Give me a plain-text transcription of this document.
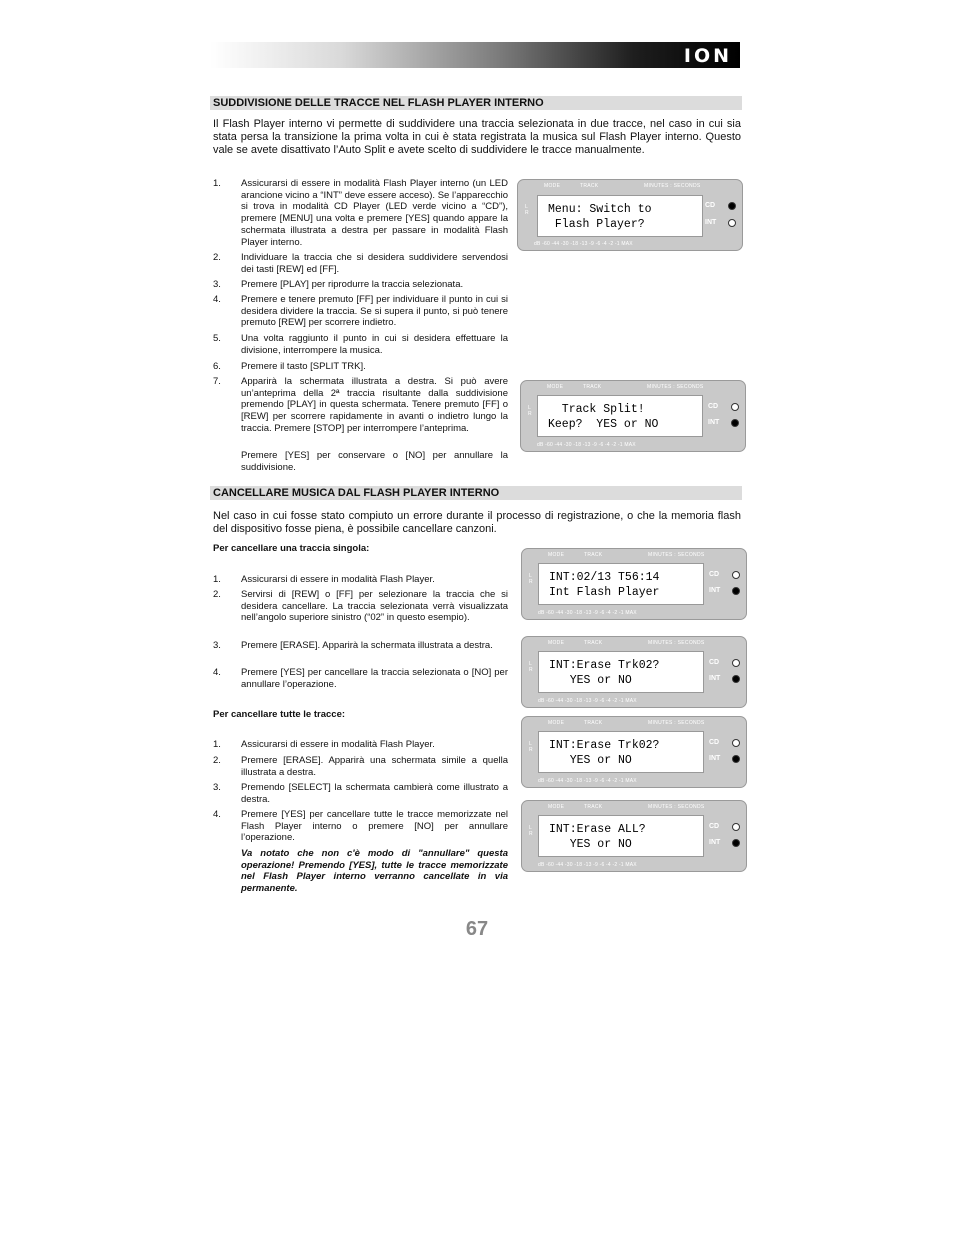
ION
SUDDIVISIONE DELLE TRACCE NEL FLASH PLAYER INTERNO

Il Flash Player interno vi permette di suddividere una traccia selezionata in due tracce, nel caso in cui sia stata persa la transizione la prima volta in cui è stata registrata la musica sul Flash Player interno. Questo vale se avete disattivato l’Auto Split e avete scelto di suddividere le tracce manualmente.

1. Assicurarsi di essere in modalità Flash Player interno (un LED arancione vicino a “INT” deve essere acceso). Se l’apparecchio si trova in modalità CD Player (LED verde vicino a “CD”), premere [MENU] una volta e premere [YES] quando appare la schermata illustrata a destra per passare in modalità Flash Player interno.
2. Individuare la traccia che si desidera suddividere servendosi dei tasti [REW] ed [FF].
3. Premere [PLAY] per riprodurre la traccia selezionata.
4. Premere e tenere premuto [FF] per individuare il punto in cui si desidera dividere la traccia. Se si supera il punto, si può tenere premuto [REW] per scorrere indietro.
5. Una volta raggiunto il punto in cui si desidera effettuare la divisione, interrompere la musica.
6. Premere il tasto [SPLIT TRK].
7. Apparirà la schermata illustrata a destra. Si può avere un’anteprima della 2ª traccia risultante dalla suddivisione premendo [PLAY] in questa schermata. Tenere premuto [FF] o [REW] per scorrere rapidamente in avanti o indietro lungo la traccia. Premere [STOP] per interrompere l’anteprima.
Premere [YES] per conservare o [NO] per annullare la suddivisione.
MODE	TRACK	MINUTES : SECONDS
L R	Menu: Switch to
Flash Player?
CD
INT
dB -60 -44 -30 -18 -13 -9 -6 -4 -2 -1 MAX
MODE	TRACK	MINUTES : SECONDS
L R	Track Split!
Keep?  YES or NO
CD
INT
dB -60 -44 -30 -18 -13 -9 -6 -4 -2 -1 MAX
CANCELLARE MUSICA DAL FLASH PLAYER INTERNO

Nel caso in cui fosse stato compiuto un errore durante il processo di registrazione, o che la memoria flash del dispositivo fosse piena, è possibile cancellare canzoni.

Per cancellare una traccia singola:
1. Assicurarsi di essere in modalità Flash Player.
2. Servirsi di [REW] o [FF] per selezionare la traccia che si desidera cancellare. La traccia selezionata verrà visualizzata nell’angolo superiore sinistro (“02” in questo esempio).
3. Premere [ERASE]. Apparirà la schermata illustrata a destra.
4. Premere [YES] per cancellare la traccia selezionata o [NO] per annullare l’operazione.
Per cancellare tutte le tracce:
1. Assicurarsi di essere in modalità Flash Player.
2. Premere [ERASE]. Apparirà una schermata simile a quella illustrata a destra.
3. Premendo [SELECT] la schermata cambierà come illustrato a destra.
4. Premere [YES] per cancellare tutte le tracce memorizzate nel Flash Player interno o premere [NO] per annullare l’operazione.
Va notato che non c'è modo di "annullare" questa operazione! Premendo [YES], tutte le tracce memorizzate nel Flash Player interno verranno cancellate in via permanente.
MODE	TRACK	MINUTES : SECONDS
L R	INT:02/13 T56:14
Int Flash Player
CD
INT
dB -60 -44 -30 -18 -13 -9 -6 -4 -2 -1 MAX
MODE	TRACK	MINUTES : SECONDS
L R	INT:Erase Trk02?
YES or NO
CD
INT
dB -60 -44 -30 -18 -13 -9 -6 -4 -2 -1 MAX
MODE	TRACK	MINUTES : SECONDS
L R	INT:Erase Trk02?
YES or NO
CD
INT
dB -60 -44 -30 -18 -13 -9 -6 -4 -2 -1 MAX
MODE	TRACK	MINUTES : SECONDS
L R	INT:Erase ALL?
YES or NO
CD
INT
dB -60 -44 -30 -18 -13 -9 -6 -4 -2 -1 MAX
67
